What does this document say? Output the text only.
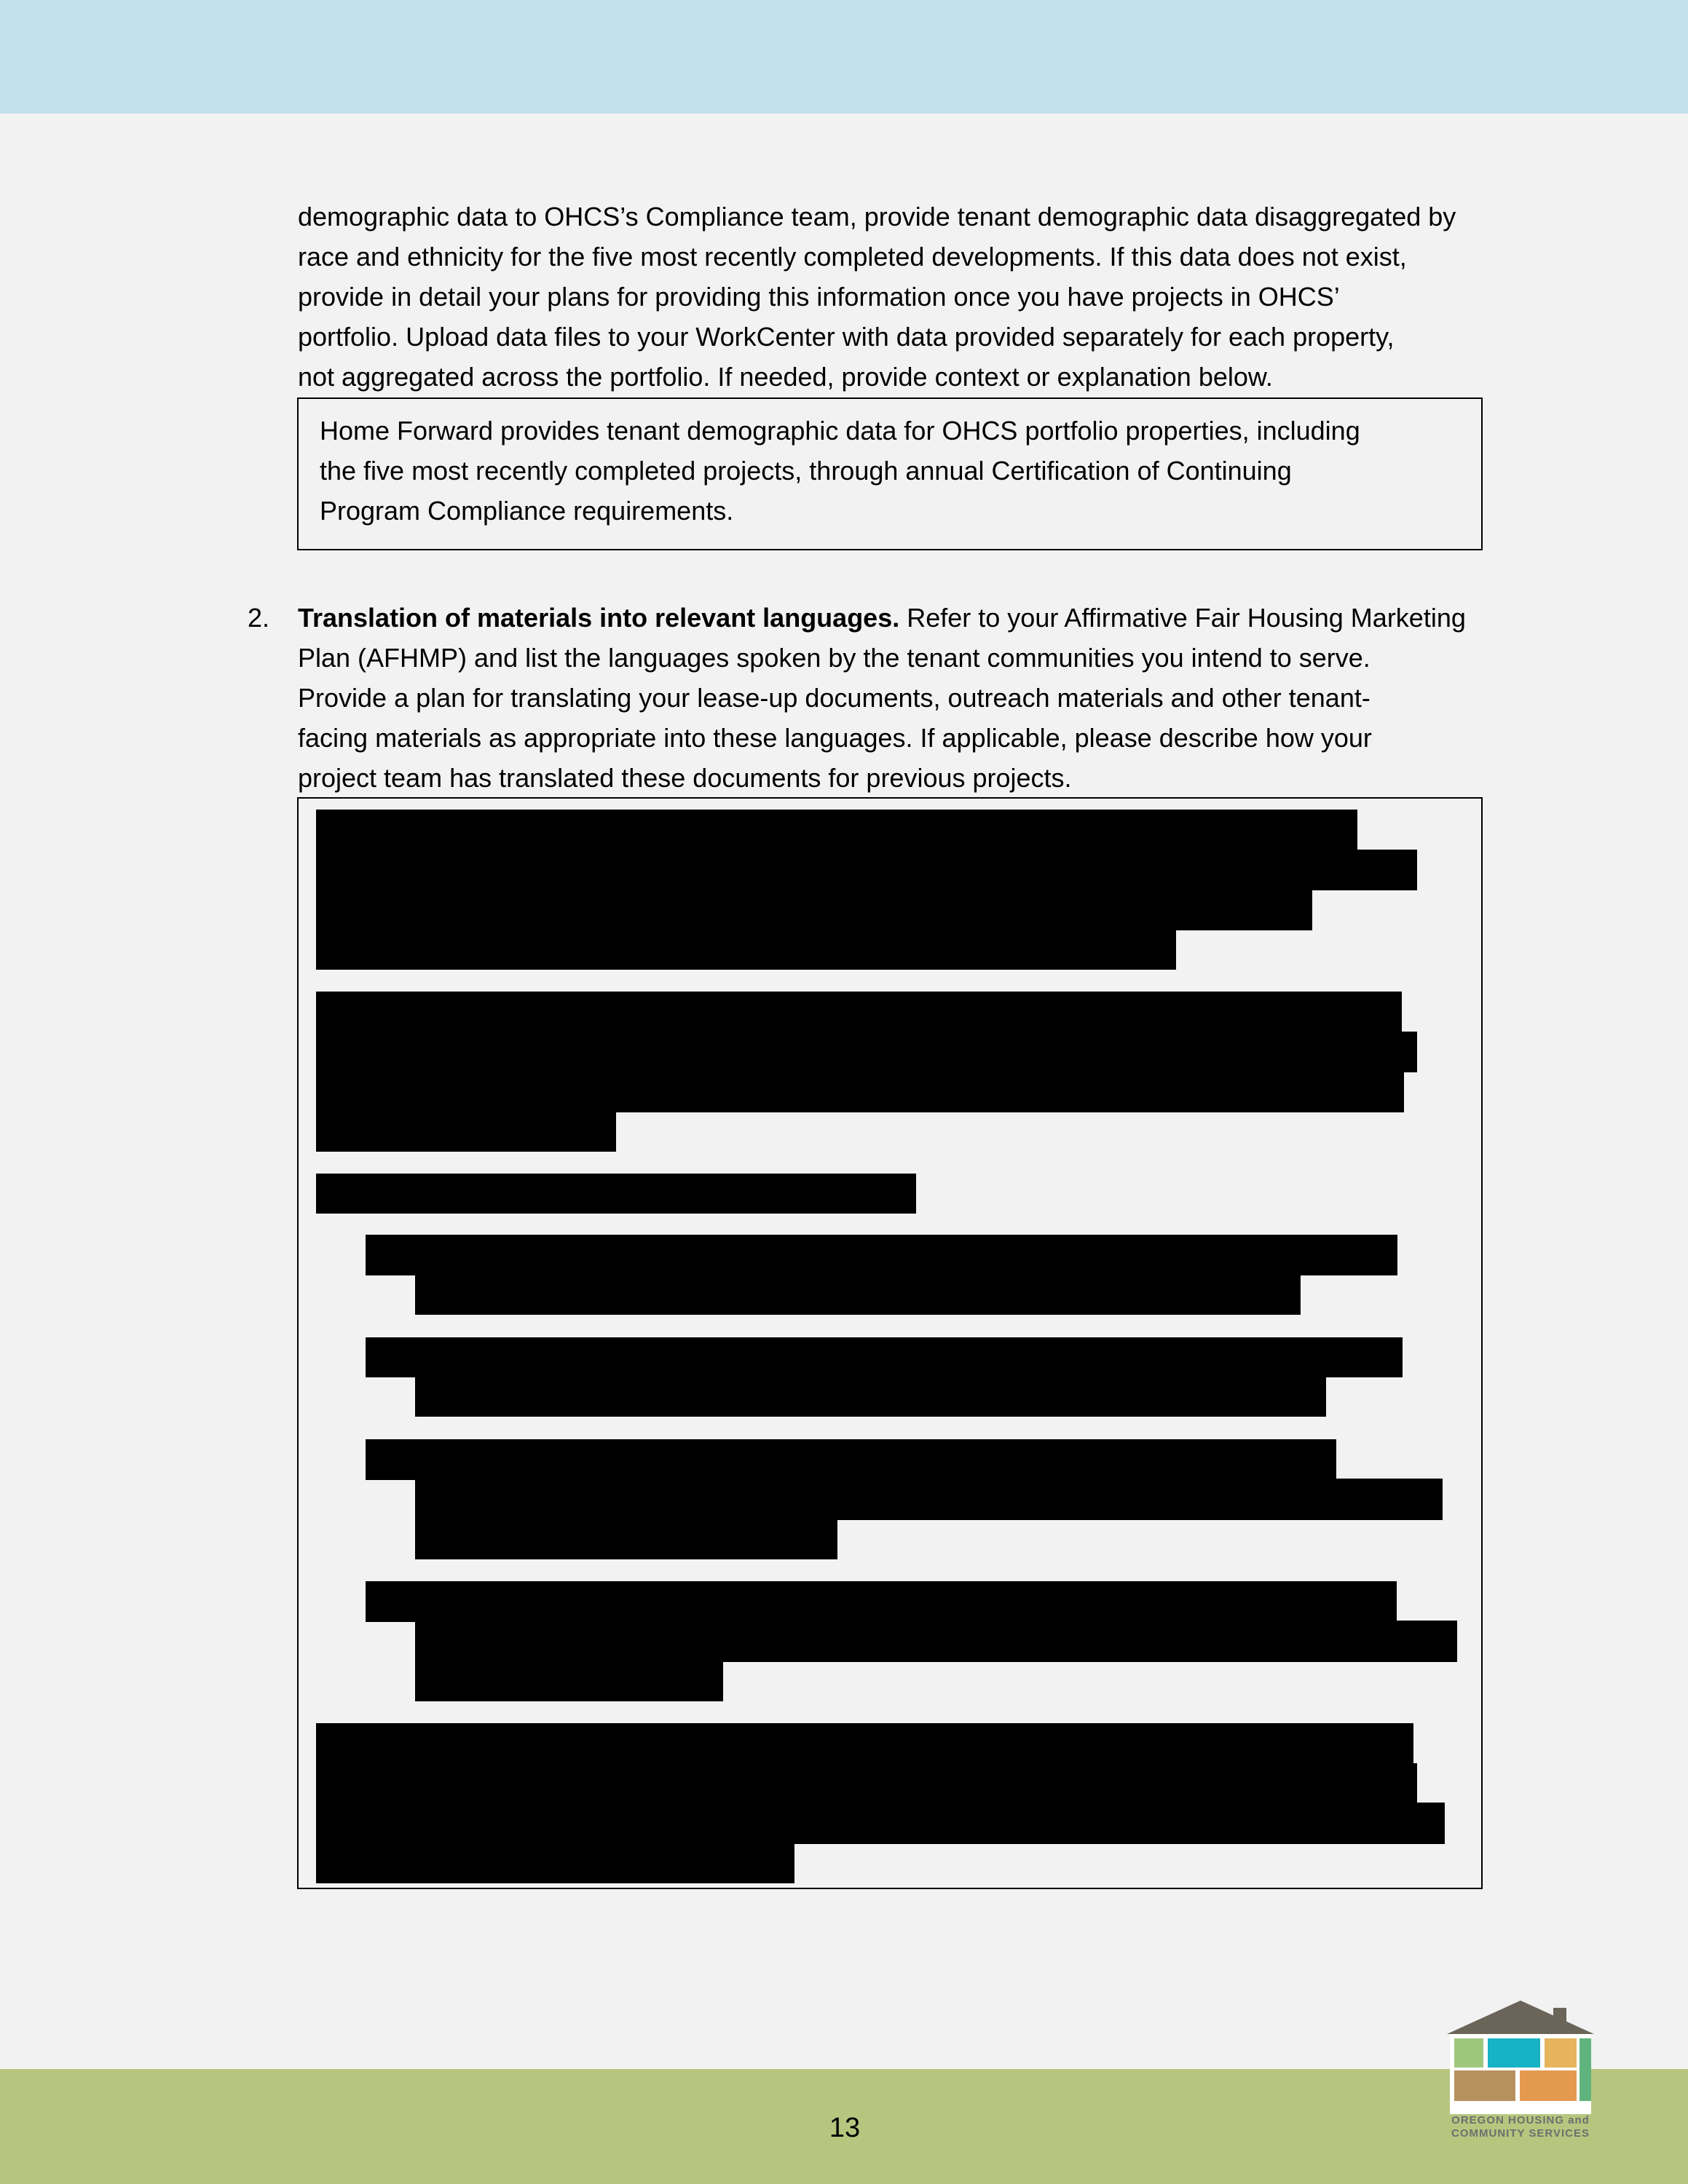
demographic data to OHCS’s Compliance team, provide tenant demographic data disaggregated by

race and ethnicity for the five most recently completed developments. If this data does not exist,

provide in detail your plans for providing this information once you have projects in OHCS’

portfolio. Upload data files to your WorkCenter with data provided separately for each property,

not aggregated across the portfolio. If needed, provide context or explanation below.

Home Forward provides tenant demographic data for OHCS portfolio properties, including

the five most recently completed projects, through annual Certification of Continuing

Program Compliance requirements.

2. Translation of materials into relevant languages. Refer to your Affirmative Fair Housing Marketing

Plan (AFHMP) and list the languages spoken by the tenant communities you intend to serve.

Provide a plan for translating your lease-up documents, outreach materials and other tenant-

facing materials as appropriate into these languages. If applicable, please describe how your

project team has translated these documents for previous projects.

13	OREGON HOUSING and
COMMUNITY SERVICES
